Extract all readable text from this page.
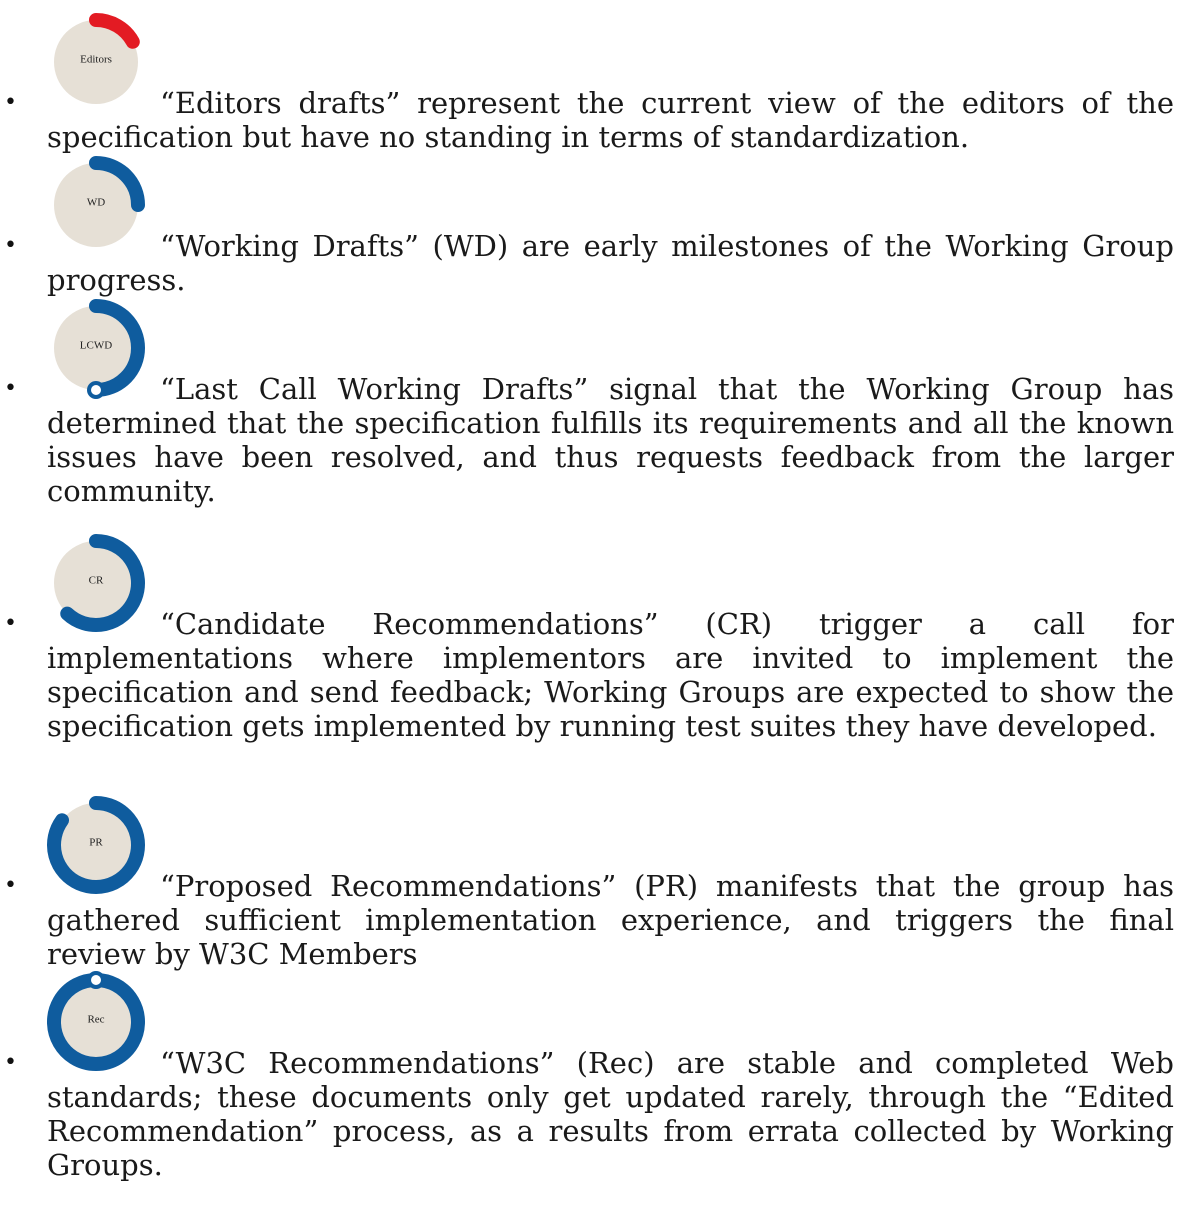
Editors
•	“Editors drafts” represent the current view of the editors of the specification but have no standing in terms of standardization.

WD
•	“Working Drafts” (WD) are early milestones of the Working Group progress.

LCWD
•	“Last Call Working Drafts” signal that the Working Group has determined that the specification fulfills its requirements and all the known issues have been resolved, and thus requests feedback from the larger community.

CR
•	“Candidate Recommendations” (CR) trigger a call for implementations where implementors are invited to implement the specification and send feedback; Working Groups are expected to show the specification gets implemented by running test suites they have developed.

PR
•	“Proposed Recommendations” (PR) manifests that the group has gathered sufficient implementation experience, and triggers the final review by W3C Members

Rec
•	“W3C Recommendations” (Rec) are stable and completed Web standards; these documents only get updated rarely, through the “Edited Recommendation” process, as a results from errata collected by Working Groups.
